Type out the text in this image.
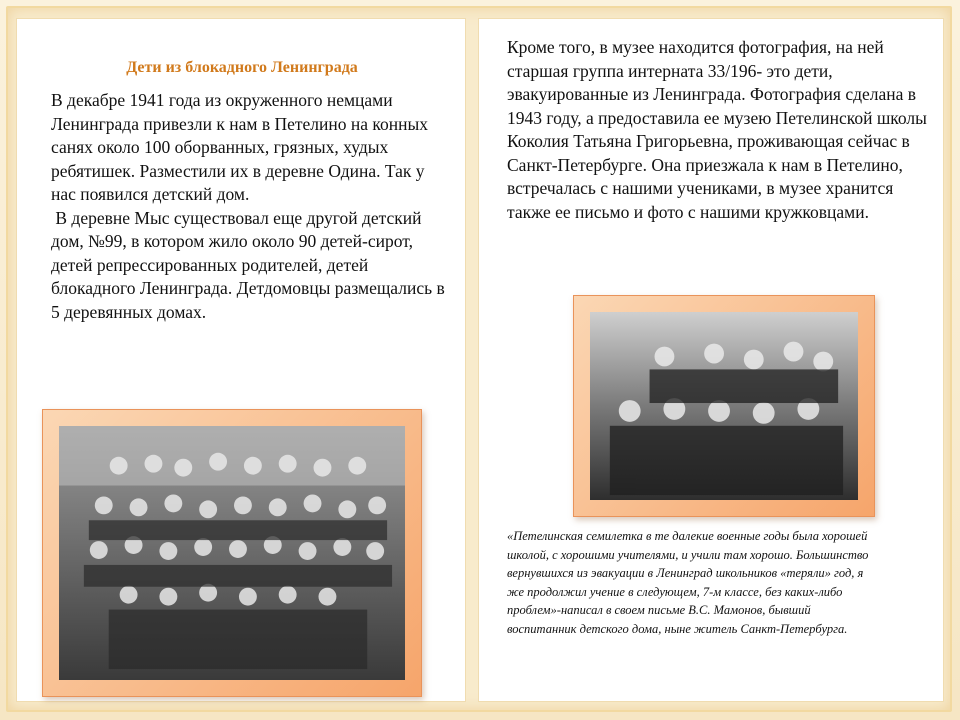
Дети из блокадного Ленинграда

В декабре 1941 года из окруженного немцами Ленинграда привезли к нам в Петелино на конных санях около 100 оборванных, грязных, худых ребятишек. Разместили их в деревне Одина. Так у нас появился детский дом.

В деревне Мыс существовал еще другой детский дом, №99, в котором жило около 90 детей-сирот, детей репрессированных родителей, детей блокадного Ленинграда. Детдомовцы размещались в 5 деревянных домах.

Кроме того, в музее находится фотография, на ней старшая группа интерната 33/196- это дети, эвакуированные из Ленинграда. Фотография сделана в 1943 году, а предоставила ее музею Петелинской школы Коколия Татьяна Григорьевна, проживающая сейчас в Санкт-Петербурге. Она приезжала к нам в Петелино, встречалась с нашими учениками, в музее хранится также ее письмо и фото с нашими кружковцами.
«Петелинская семилетка в те далекие военные годы была хорошей школой, с хорошими учителями, и учили там хорошо. Большинство вернувшихся из эвакуации в Ленинград школьников «теряли» год, я же продолжил учение в следующем, 7-м классе, без каких-либо проблем»-написал в своем письме В.С. Мамонов, бывший воспитанник детского дома, ныне житель Санкт-Петербурга.
